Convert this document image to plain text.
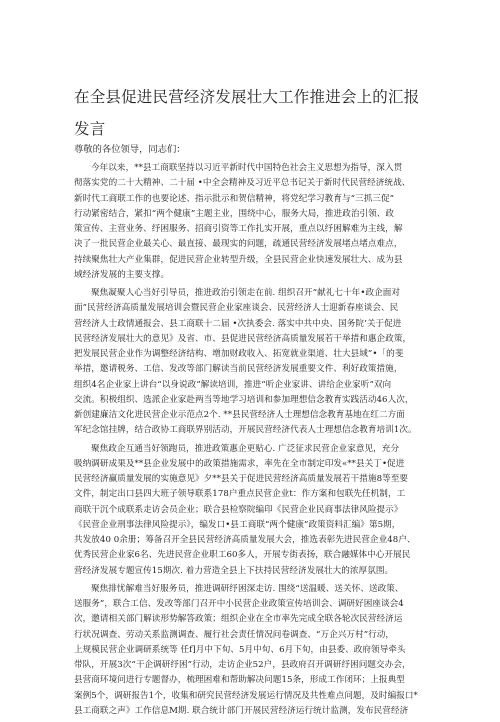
在全县促进民营经济发展壮大工作推进会上的汇报
发言
尊敬的各位领导，同志们：
今年以来，**县工商联坚持以习近平新时代中国特色社会主义思想为指导，深入贯
彻落实党的二十大精神、二十届 •中全会精神及习近平总书记关于新时代民营经济统战、
新时代工商联工作的也要论述、指示批示和贺信精神，将党纪学习教育与“三抓三促”
行动紧密结合，紧扣“两个健康”主题主业，围绕中心，服务大局，推进政治引领、政
策宣传、主营业务、纾困服务、招商引资等工作扎实开展，重点以纾困解难为主线，解
决了一批民营企业最关心、最直接、最现实的问题，疏通民营经济发展堵点堵点难点，
持续聚焦壮大产业集群，促进民营企业转型升级，全县民营企业快速发展壮大、成为县
域经济发展的主要支撑。
聚焦凝聚人心当好引导员，推进政治引领走在前. 组织召开“献礼七十年•政企面对
面”民营经济高质量发展培训会暨民营企业家座谈会、民营经济人士迎新春座谈会、民
营经济人士政情通报会、县工商联十二届 •次执委会. 落实中共中央、国务院’关于促进
民营经济发展壮大的意见》及省、市、县促进民营经济高质量发展若干举措和惠企政策，
把发展民营企业作为调整经济结构、增加财政收入、拓宽就业渠道、壮大县域”•「的斐
举措，邀请税务、工信、发改等部门解读当前民营经济发展重要文件、利好政策措施，
组织4名企业家上讲台“以身说政”解读培训，推进“听企业家讲、讲给企业家听”双向
交流。积极组织、选派企业家赴两当等地学习培训和参加理想信念教育实践活动46人次，
新创建廉洁文化进民营企业示范点2个. **县民营经济人士理想信念教育基地在红二方面
军纪念馆挂牌，结合政协工商联界别活动，开展民营经济代表人士理想信念教育培训1次。
聚焦政企互通当好领跑员，推进政策惠企更贴心. 广泛征求民营企业家意见，充分
吸纳调研成果及**县企业发展中的政策措施需求，率先在全市制定印发«**县关丁•促进
民营经济赢质量发展的实施意见》夕**县关于促进民营经济高质量发展若干措施8等至要
文件，制定出口县四大班子领导联系178户重点民营企业t：作方案和包联先任机制，工
商联干沉个成联系走访会员企业；联合县检察院编印《民营企业民商事法律风险提示》
《民营企业刑事法律风险提示》，编发口•县工商联“两个健康”政策资料汇编》第5期，
共发放40 0余册；筹备召开全县民营经济高质量发展大会，推选表彰先进民营企业48户、
优秀民营企业家6名、先进民营企业职工60多人，开展专街表扬，联合融媒体中心开展民
营经济发展专题宣传15期次. 着力营造全县上下扶持民营经济发展壮大的浓厚氛围。
聚焦排忧解难当好服务员，推进调研纾困深走访. 围绕“送温暖、送关怀、送政策、
送服务”，联合工信、发改等部门召开中小民营企业政策宣传培训会、调研好困座谈会4
次，邀请相关部门解读形势解答政策；组织企业在全市率先完成全联各轮次民营经济运
行状况调查、劳动关系监测调查、履行社会责任情况问卷调查、“万企兴万村”行动，
上规模民营企业调研系统等 任f]月中下旬、5月中旬、6月下旬，由县委、政府领导牵头
带队，开展3次“干企调研纾困”行动，走访企业52户，县政府召开调研纾困问题交办会，
县营商环境问进行专题督办，梳理困难和帮助解决问题15条，形成工作闭环；上报典型
案例5个，调研报告1个，收集和研究民营经济发展运行情况及共性难点问题，及时编报口*
县工商联之声》工作信息M期. 联合统计部门开展民营经济运行统计监测，发布民营经济
